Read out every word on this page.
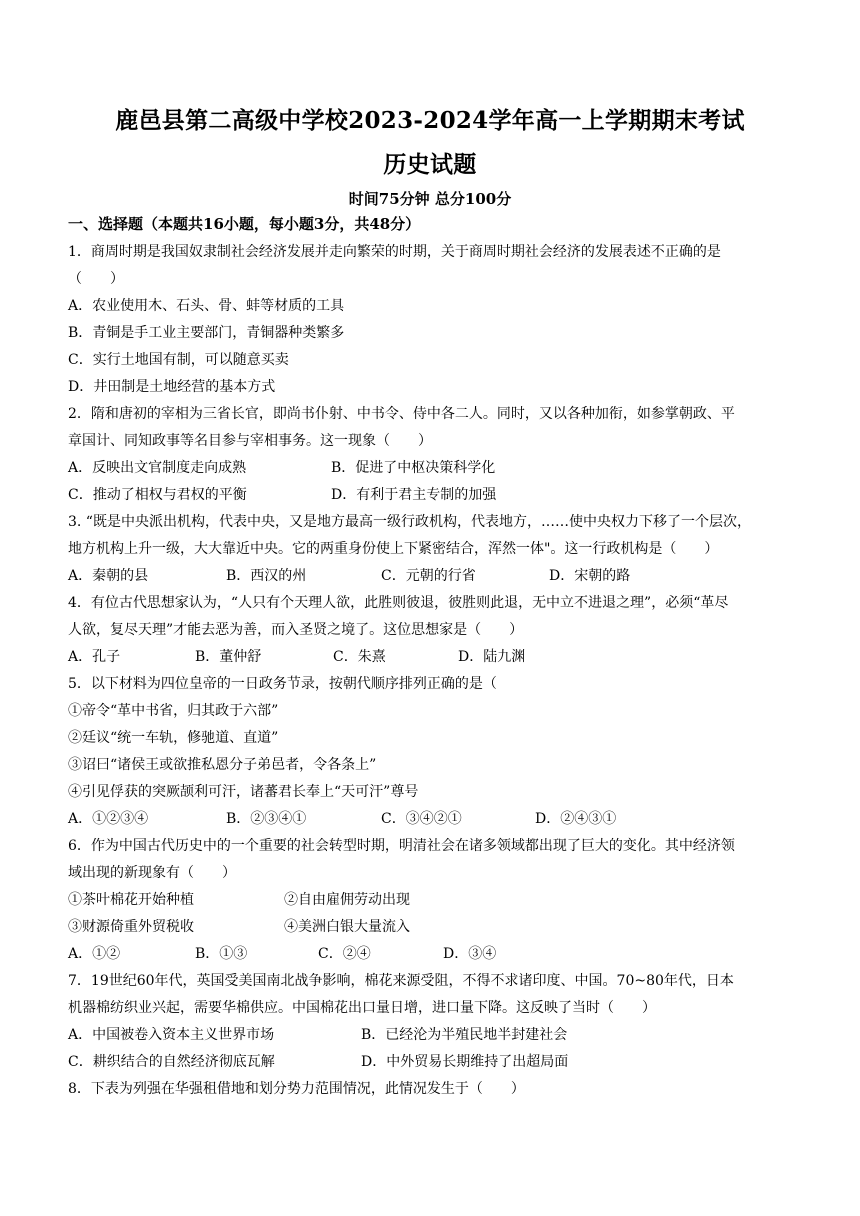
鹿邑县第二高级中学校2023-2024学年高一上学期期末考试
历史试题
时间75分钟 总分100分
一、选择题（本题共16小题，每小题3分，共48分）
1．商周时期是我国奴隶制社会经济发展并走向繁荣的时期，关于商周时期社会经济的发展表述不正确的是
（　　）
A．农业使用木、石头、骨、蚌等材质的工具
B．青铜是手工业主要部门，青铜器种类繁多
C．实行土地国有制，可以随意买卖
D．井田制是土地经营的基本方式
2．隋和唐初的宰相为三省长官，即尚书仆射、中书令、侍中各二人。同时，又以各种加衔，如参掌朝政、平
章国计、同知政事等名目参与宰相事务。这一现象（　　）
A．反映出文官制度走向成熟	B．促进了中枢决策科学化
C．推动了相权与君权的平衡	D．有利于君主专制的加强
3. “既是中央派出机构，代表中央，又是地方最高一级行政机构，代表地方，……使中央权力下移了一个层次，
地方机构上升一级，大大靠近中央。它的两重身份使上下紧密结合，浑然一体"。这一行政机构是（　　）
A．秦朝的县	B．西汉的州	C．元朝的行省	D．宋朝的路
4．有位古代思想家认为，“人只有个天理人欲，此胜则彼退，彼胜则此退，无中立不进退之理”，必须“革尽
人欲，复尽天理”才能去恶为善，而入圣贤之境了。这位思想家是（　　）
A．孔子	B．董仲舒	C．朱熹	D．陆九渊
5．以下材料为四位皇帝的一日政务节录，按朝代顺序排列正确的是（
①帝令“革中书省，归其政于六部”
②廷议“统一车轨，修驰道、直道”
③诏曰“诸侯王或欲推私恩分子弟邑者，令各条上”
④引见俘获的突厥颉利可汗，诸蕃君长奉上“天可汗”尊号
A．①②③④	B．②③④①	C．③④②①	D．②④③①
6．作为中国古代历史中的一个重要的社会转型时期，明清社会在诸多领域都出现了巨大的变化。其中经济领
域出现的新现象有（　　）
①茶叶棉花开始种植	②自由雇佣劳动出现
③财源倚重外贸税收	④美洲白银大量流入
A．①②	B．①③	C．②④	D．③④
7．19世纪60年代，英国受美国南北战争影响，棉花来源受阻，不得不求诸印度、中国。70~80年代，日本
机器棉纺织业兴起，需要华棉供应。中国棉花出口量日增，进口量下降。这反映了当时（　　）
A．中国被卷入资本主义世界市场	B．已经沦为半殖民地半封建社会
C．耕织结合的自然经济彻底瓦解	D．中外贸易长期维持了出超局面
8．下表为列强在华强租借地和划分势力范围情况，此情况发生于（　　）
